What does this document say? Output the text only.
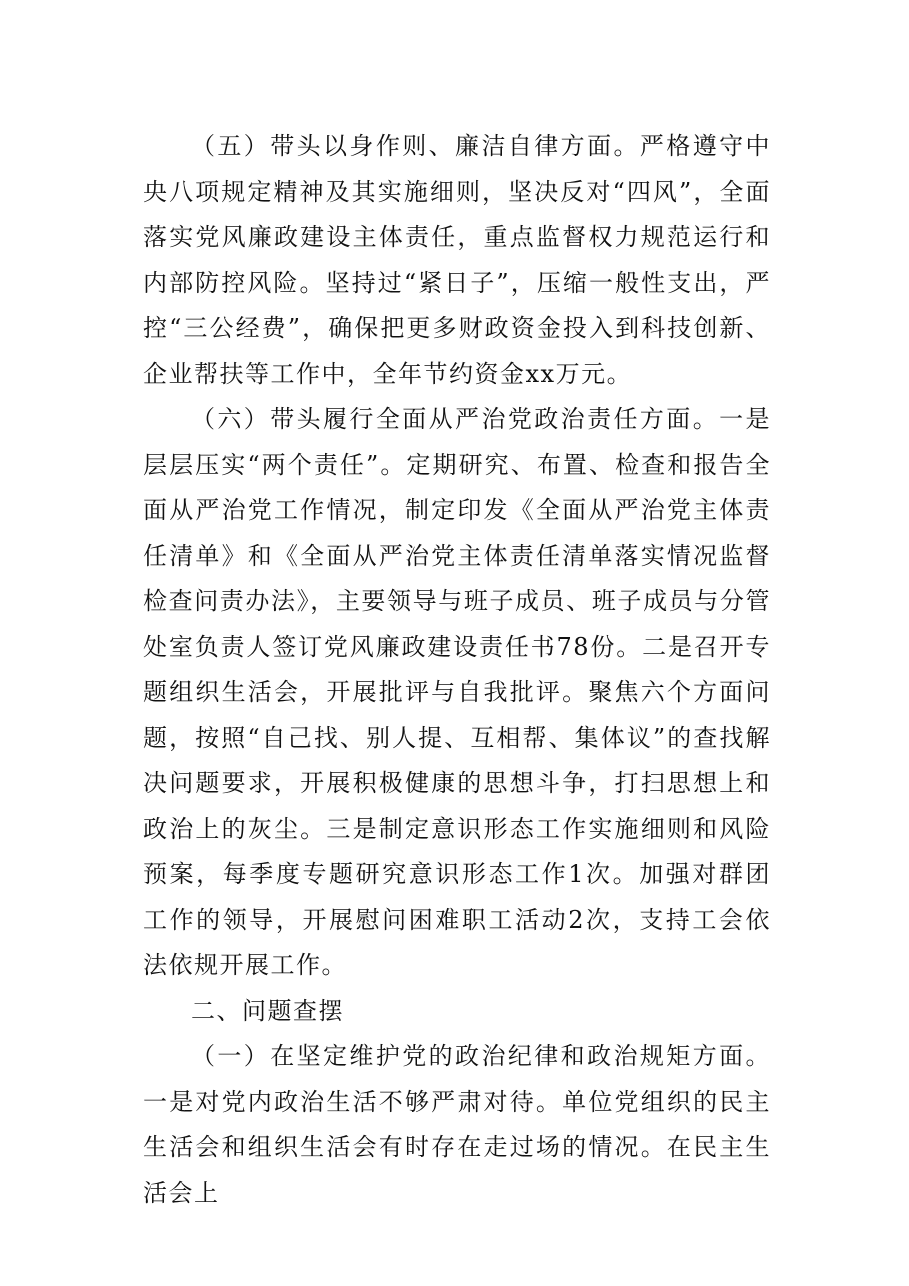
（五）带头以身作则、廉洁自律方面。严格遵守中央八项规定精神及其实施细则，坚决反对“四风”，全面落实党风廉政建设主体责任，重点监督权力规范运行和内部防控风险。坚持过“紧日子”，压缩一般性支出，严控“三公经费”，确保把更多财政资金投入到科技创新、企业帮扶等工作中，全年节约资金xx万元。

（六）带头履行全面从严治党政治责任方面。一是层层压实“两个责任”。定期研究、布置、检查和报告全面从严治党工作情况，制定印发《全面从严治党主体责任清单》和《全面从严治党主体责任清单落实情况监督检查问责办法》，主要领导与班子成员、班子成员与分管处室负责人签订党风廉政建设责任书78份。二是召开专题组织生活会，开展批评与自我批评。聚焦六个方面问题，按照“自己找、别人提、互相帮、集体议”的查找解决问题要求，开展积极健康的思想斗争，打扫思想上和政治上的灰尘。三是制定意识形态工作实施细则和风险预案，每季度专题研究意识形态工作1次。加强对群团工作的领导，开展慰问困难职工活动2次，支持工会依法依规开展工作。

二、问题查摆

（一）在坚定维护党的政治纪律和政治规矩方面。一是对党内政治生活不够严肃对待。单位党组织的民主生活会和组织生活会有时存在走过场的情况。在民主生活会上
